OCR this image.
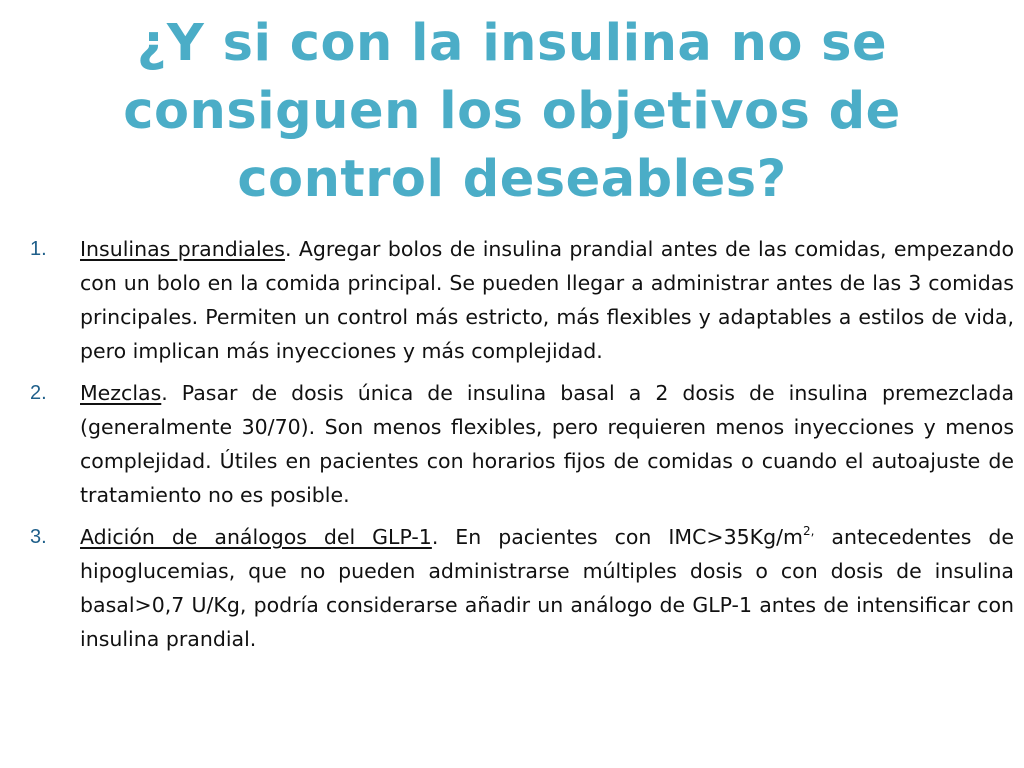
¿Y si con la insulina no se consiguen los objetivos de control deseables?
1.	Insulinas prandiales. Agregar bolos de insulina prandial antes de las comidas, empezando con un bolo en la comida principal. Se pueden llegar a administrar antes de las 3 comidas principales. Permiten un control más estricto, más flexibles y adaptables a estilos de vida, pero implican más inyecciones y más complejidad.
2.	Mezclas. Pasar de dosis única de insulina basal a 2 dosis de insulina premezclada (generalmente 30/70). Son menos flexibles, pero requieren menos inyecciones y menos complejidad. Útiles en pacientes con horarios fijos de comidas o cuando el autoajuste de tratamiento no es posible.
3.	Adición de análogos del GLP-1. En pacientes con $IMC>35Kg/m^{2,}$ antecedentes de hipoglucemias, que no pueden administrarse múltiples dosis o con dosis de insulina basal>0,7 U/Kg, podría considerarse añadir un análogo de GLP-1 antes de intensificar con insulina prandial.
